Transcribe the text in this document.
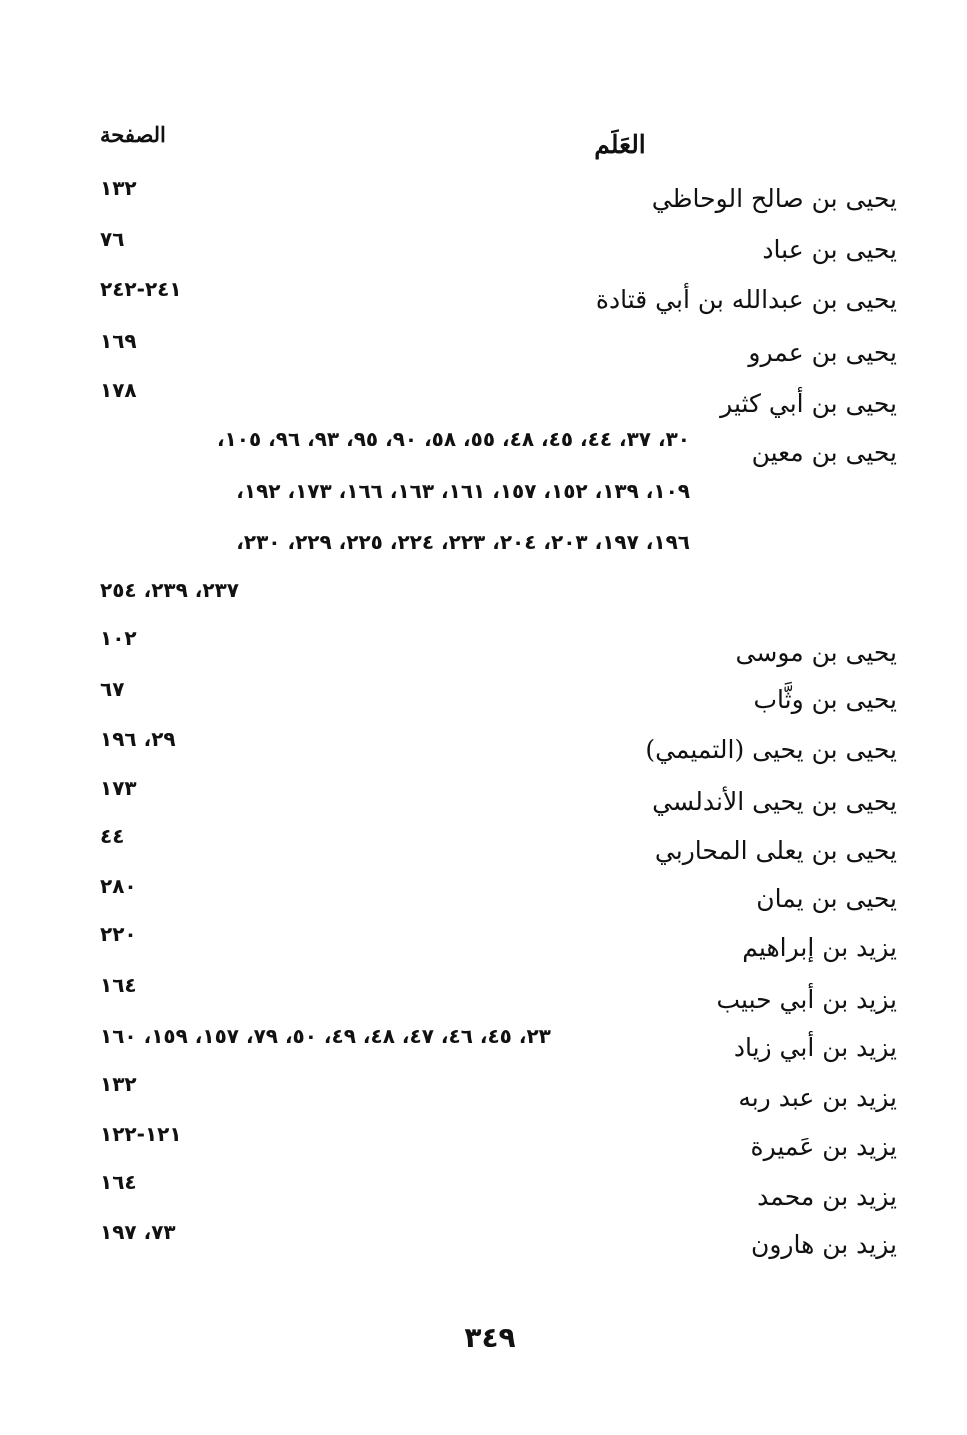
العَلَم
الصفحة
يحيى بن صالح الوحاظي
١٣٢
يحيى بن عباد
٧٦
يحيى بن عبدالله بن أبي قتادة
٢٤١-٢٤٢
يحيى بن عمرو
١٦٩
يحيى بن أبي كثير
١٧٨
يحيى بن معين
٣٠، ٣٧، ٤٤، ٤٥، ٤٨، ٥٥، ٥٨، ٩٠، ٩٥، ٩٣، ٩٦، ١٠٥،
١٠٩، ١٣٩، ١٥٢، ١٥٧، ١٦١، ١٦٣، ١٦٦، ١٧٣، ١٩٢،
١٩٦، ١٩٧، ٢٠٣، ٢٠٤، ٢٢٣، ٢٢٤، ٢٢٥، ٢٢٩، ٢٣٠،
٢٣٧، ٢٣٩، ٢٥٤
يحيى بن موسى
١٠٢
يحيى بن وثَّاب
٦٧
يحيى بن يحيى (التميمي)
٢٩، ١٩٦
يحيى بن يحيى الأندلسي
١٧٣
يحيى بن يعلى المحاربي
٤٤
يحيى بن يمان
٢٨٠
يزيد بن إبراهيم
٢٢٠
يزيد بن أبي حبيب
١٦٤
يزيد بن أبي زياد
٢٣، ٤٥، ٤٦، ٤٧، ٤٨، ٤٩، ٥٠، ٧٩، ١٥٧، ١٥٩، ١٦٠
يزيد بن عبد ربه
١٣٢
يزيد بن عَميرة
١٢١-١٢٢
يزيد بن محمد
١٦٤
يزيد بن هارون
٧٣، ١٩٧
٣٤٩
